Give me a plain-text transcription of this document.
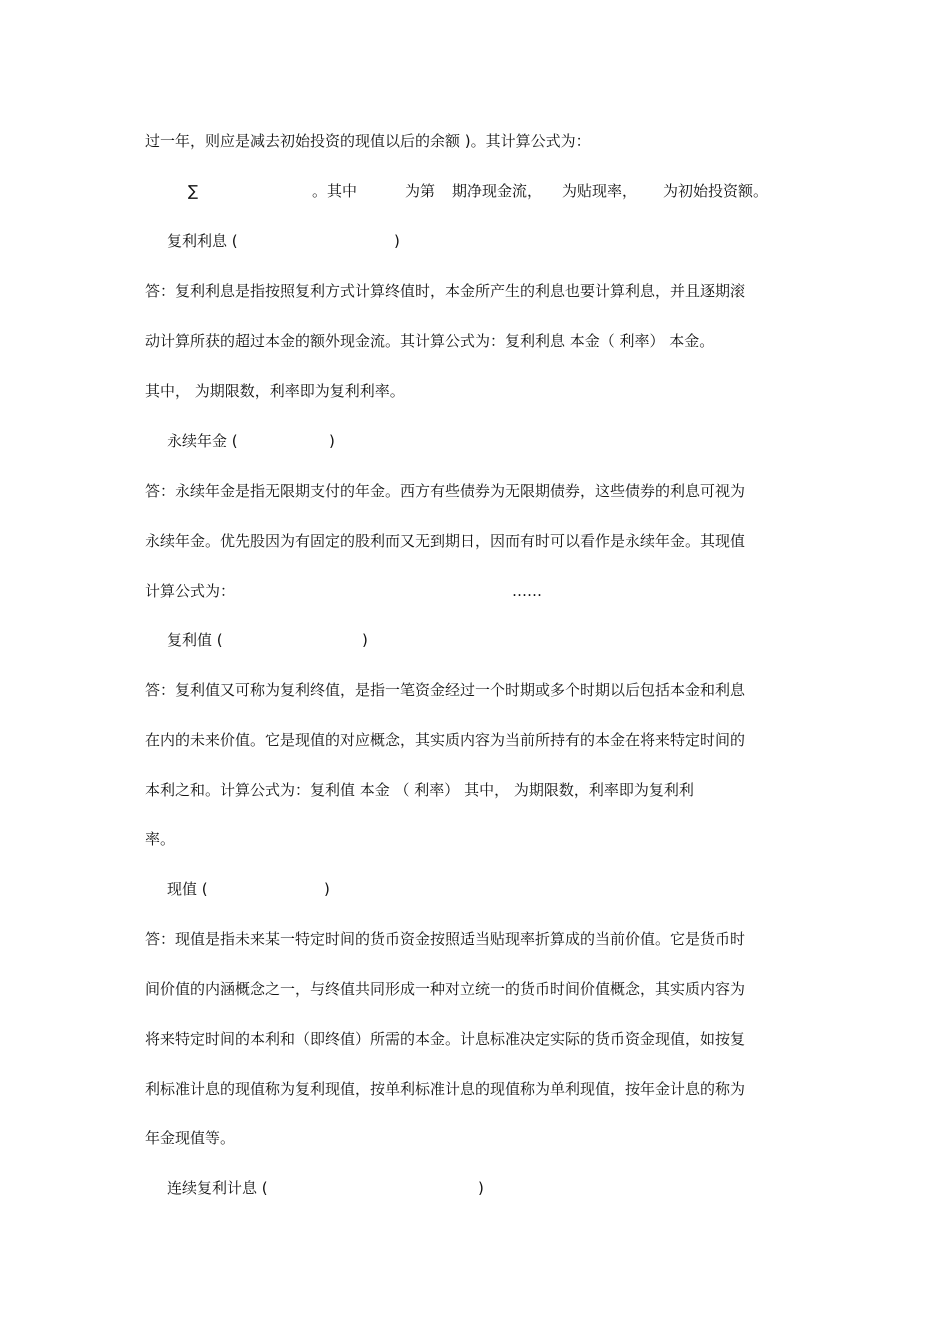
过一年，则应是减去初始投资的现值以后的余额 )。其计算公式为：
∑	。其中	为第 期净现金流， 为贴现率， 为初始投资额。
复利利息 (	)
答：复利利息是指按照复利方式计算终值时，本金所产生的利息也要计算利息，并且逐期滚
动计算所获的超过本金的额外现金流。其计算公式为：复利利息 本金（ 利率） 本金。
其中， 为期限数，利率即为复利利率。
永续年金 (	)
答：永续年金是指无限期支付的年金。西方有些债券为无限期债券，这些债券的利息可视为
永续年金。优先股因为有固定的股利而又无到期日，因而有时可以看作是永续年金。其现值
计算公式为：	……
复利值 (	)
答：复利值又可称为复利终值，是指一笔资金经过一个时期或多个时期以后包括本金和利息
在内的未来价值。它是现值的对应概念，其实质内容为当前所持有的本金在将来特定时间的
本利之和。计算公式为：复利值 本金 （ 利率） 其中， 为期限数，利率即为复利利
率。
现值 (	)
答：现值是指未来某一特定时间的货币资金按照适当贴现率折算成的当前价值。它是货币时
间价值的内涵概念之一，与终值共同形成一种对立统一的货币时间价值概念，其实质内容为
将来特定时间的本利和（即终值）所需的本金。计息标准决定实际的货币资金现值，如按复
利标准计息的现值称为复利现值，按单利标准计息的现值称为单利现值，按年金计息的称为
年金现值等。
连续复利计息 (	)
